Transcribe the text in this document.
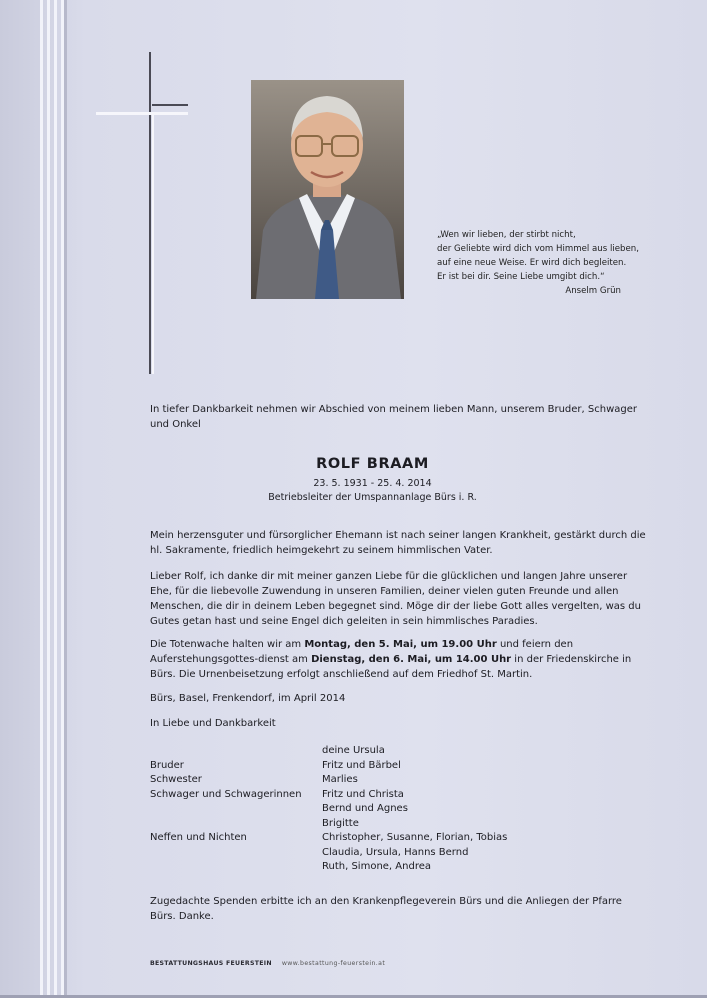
„Wen wir lieben, der stirbt nicht,
der Geliebte wird dich vom Himmel aus lieben,
auf eine neue Weise. Er wird dich begleiten.
Er ist bei dir. Seine Liebe umgibt dich.“
Anselm Grün
In tiefer Dankbarkeit nehmen wir Abschied von meinem lieben Mann, unserem Bruder, Schwager und Onkel
ROLF BRAAM
23. 5. 1931 - 25. 4. 2014
Betriebsleiter der Umspannanlage Bürs i. R.
Mein herzensguter und fürsorglicher Ehemann ist nach seiner langen Krankheit, gestärkt durch die hl. Sakramente, friedlich heimgekehrt zu seinem himmlischen Vater.
Lieber Rolf, ich danke dir mit meiner ganzen Liebe für die glücklichen und langen Jahre unserer Ehe, für die liebevolle Zuwendung in unseren Familien, deiner vielen guten Freunde und allen Menschen, die dir in deinem Leben begegnet sind. Möge dir der liebe Gott alles vergelten, was du Gutes getan hast und seine Engel dich geleiten in sein himmlisches Paradies.
Die Totenwache halten wir am Montag, den 5. Mai, um 19.00 Uhr und feiern den Auferstehungsgottes-dienst am Dienstag, den 6. Mai, um 14.00 Uhr in der Friedenskirche in Bürs. Die Urnenbeisetzung erfolgt anschließend auf dem Friedhof St. Martin.
Bürs, Basel, Frenkendorf, im April 2014
In Liebe und Dankbarkeit
deine Ursula
Bruder	Fritz und Bärbel
Schwester	Marlies
Schwager und Schwagerinnen	Fritz und Christa
Bernd und Agnes
Brigitte
Neffen und Nichten	Christopher, Susanne, Florian, Tobias
Claudia, Ursula, Hanns Bernd
Ruth, Simone, Andrea
Zugedachte Spenden erbitte ich an den Krankenpflegeverein Bürs und die Anliegen der Pfarre Bürs. Danke.
BESTATTUNGSHAUS FEUERSTEIN www.bestattung-feuerstein.at
